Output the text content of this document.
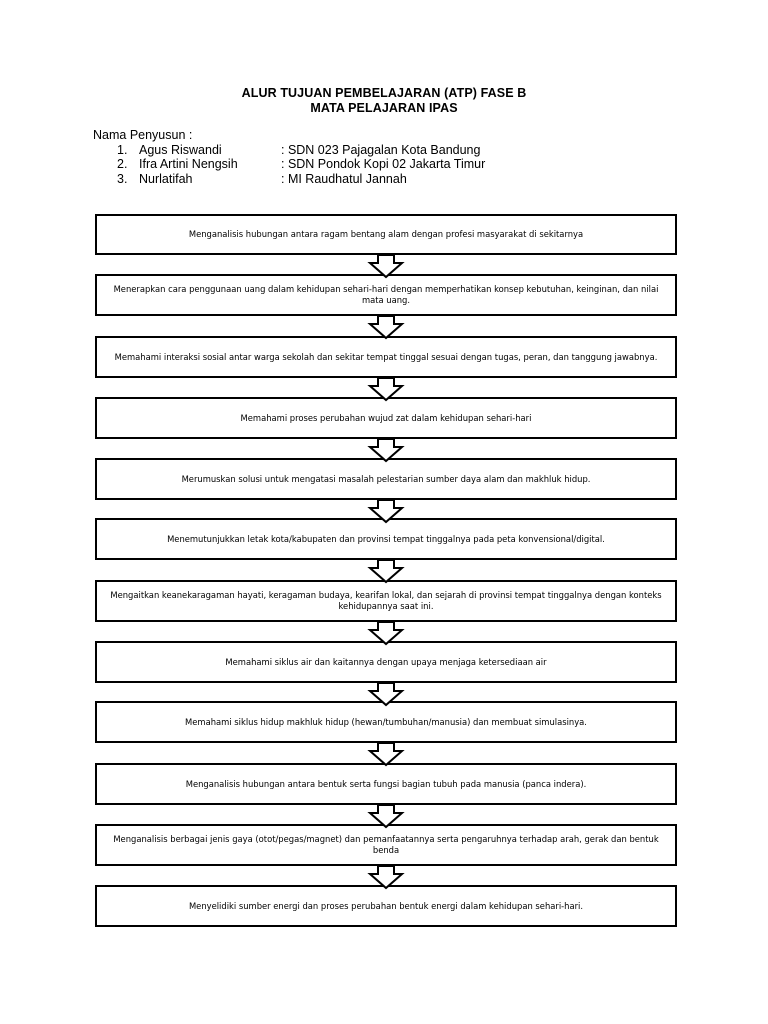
ALUR TUJUAN PEMBELAJARAN (ATP) FASE B
MATA PELAJARAN IPAS
Nama Penyusun :
1. Agus Riswandi	: SDN 023 Pajagalan Kota Bandung
2. Ifra Artini Nengsih	: SDN Pondok Kopi 02 Jakarta Timur
3. Nurlatifah	: MI Raudhatul Jannah
Menganalisis hubungan antara ragam bentang alam dengan profesi masyarakat di sekitarnya
Menerapkan cara penggunaan uang dalam kehidupan sehari-hari dengan memperhatikan konsep kebutuhan, keinginan, dan nilai mata uang.
Memahami interaksi sosial antar warga sekolah dan sekitar tempat tinggal sesuai dengan tugas, peran, dan tanggung jawabnya.
Memahami proses perubahan wujud zat dalam kehidupan sehari-hari
Merumuskan solusi untuk mengatasi masalah pelestarian sumber daya alam dan makhluk hidup.
Menemutunjukkan letak kota/kabupaten dan provinsi tempat tinggalnya pada peta konvensional/digital.
Mengaitkan keanekaragaman hayati, keragaman budaya, kearifan lokal, dan sejarah di provinsi tempat tinggalnya dengan konteks kehidupannya saat ini.
Memahami siklus air dan kaitannya dengan upaya menjaga ketersediaan air
Memahami siklus hidup makhluk hidup (hewan/tumbuhan/manusia) dan membuat simulasinya.
Menganalisis hubungan antara bentuk serta fungsi bagian tubuh pada manusia (panca indera).
Menganalisis berbagai jenis gaya (otot/pegas/magnet) dan pemanfaatannya serta pengaruhnya terhadap arah, gerak dan bentuk benda
Menyelidiki sumber energi dan proses perubahan bentuk energi dalam kehidupan sehari-hari.
